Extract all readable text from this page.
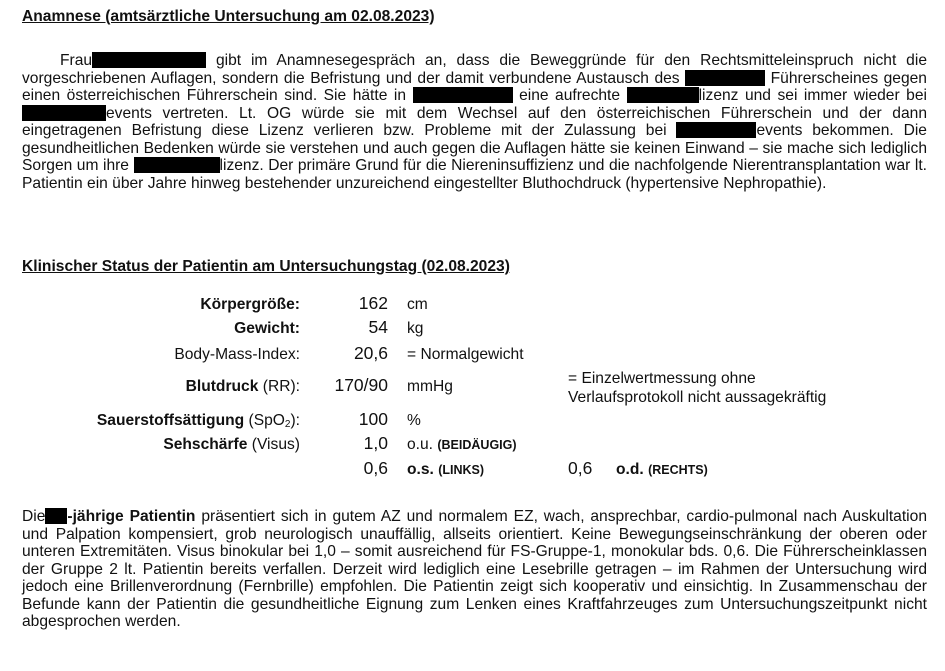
Anamnese (amtsärztliche Untersuchung am 02.08.2023)
Frau	gibt im Anamnesegespräch an, dass die Beweggründe für den Rechtsmitteleinspruch nicht die vorgeschriebenen Auflagen, sondern die Befristung und der damit verbundene Austausch des	Führerscheines gegen einen österreichischen Führerschein sind. Sie hätte in	eine aufrechte	lizenz und sei immer wieder bei events vertreten. Lt. OG würde sie mit dem Wechsel auf den österreichischen Führerschein und der dann eingetragenen Befristung diese Lizenz verlieren bzw. Probleme mit der Zulassung bei	events bekommen. Die gesundheitlichen Bedenken würde sie verstehen und auch gegen die Auflagen hätte sie keinen Einwand – sie mache sich lediglich Sorgen um ihre	lizenz. Der primäre Grund für die Niereninsuffizienz und die nachfolgende Nierentransplantation war lt. Patientin ein über Jahre hinweg bestehender unzureichend eingestellter Bluthochdruck (hypertensive Nephropathie).
Klinischer Status der Patientin am Untersuchungstag (02.08.2023)
Körpergröße:	162 cm
Gewicht:	54 kg
Body-Mass-Index:	20,6 = Normalgewicht
Blutdruck (RR): 170/90 mmHg	= Einzelwertmessung ohne
Verlaufsprotokoll nicht aussagekräftig
Sauerstoffsättigung (SpO$_2$):	100 %
Sehschärfe (Visus)	1,0 o.u. (BEIDÄUGIG)
0,6 o.s. (LINKS)	0,6 o.d. (RECHTS)
Die -jährige Patientin präsentiert sich in gutem AZ und normalem EZ, wach, ansprechbar, cardio-pulmonal nach Auskultation und Palpation kompensiert, grob neurologisch unauffällig, allseits orientiert. Keine Bewegungseinschränkung der oberen oder unteren Extremitäten. Visus binokular bei 1,0 – somit ausreichend für FS-Gruppe-1, monokular bds. 0,6. Die Führerscheinklassen der Gruppe 2 lt. Patientin bereits verfallen. Derzeit wird lediglich eine Lesebrille getragen – im Rahmen der Untersuchung wird jedoch eine Brillenverordnung (Fernbrille) empfohlen. Die Patientin zeigt sich kooperativ und einsichtig. In Zusammenschau der Befunde kann der Patientin die gesundheitliche Eignung zum Lenken eines Kraftfahrzeuges zum Untersuchungszeitpunkt nicht abgesprochen werden.
